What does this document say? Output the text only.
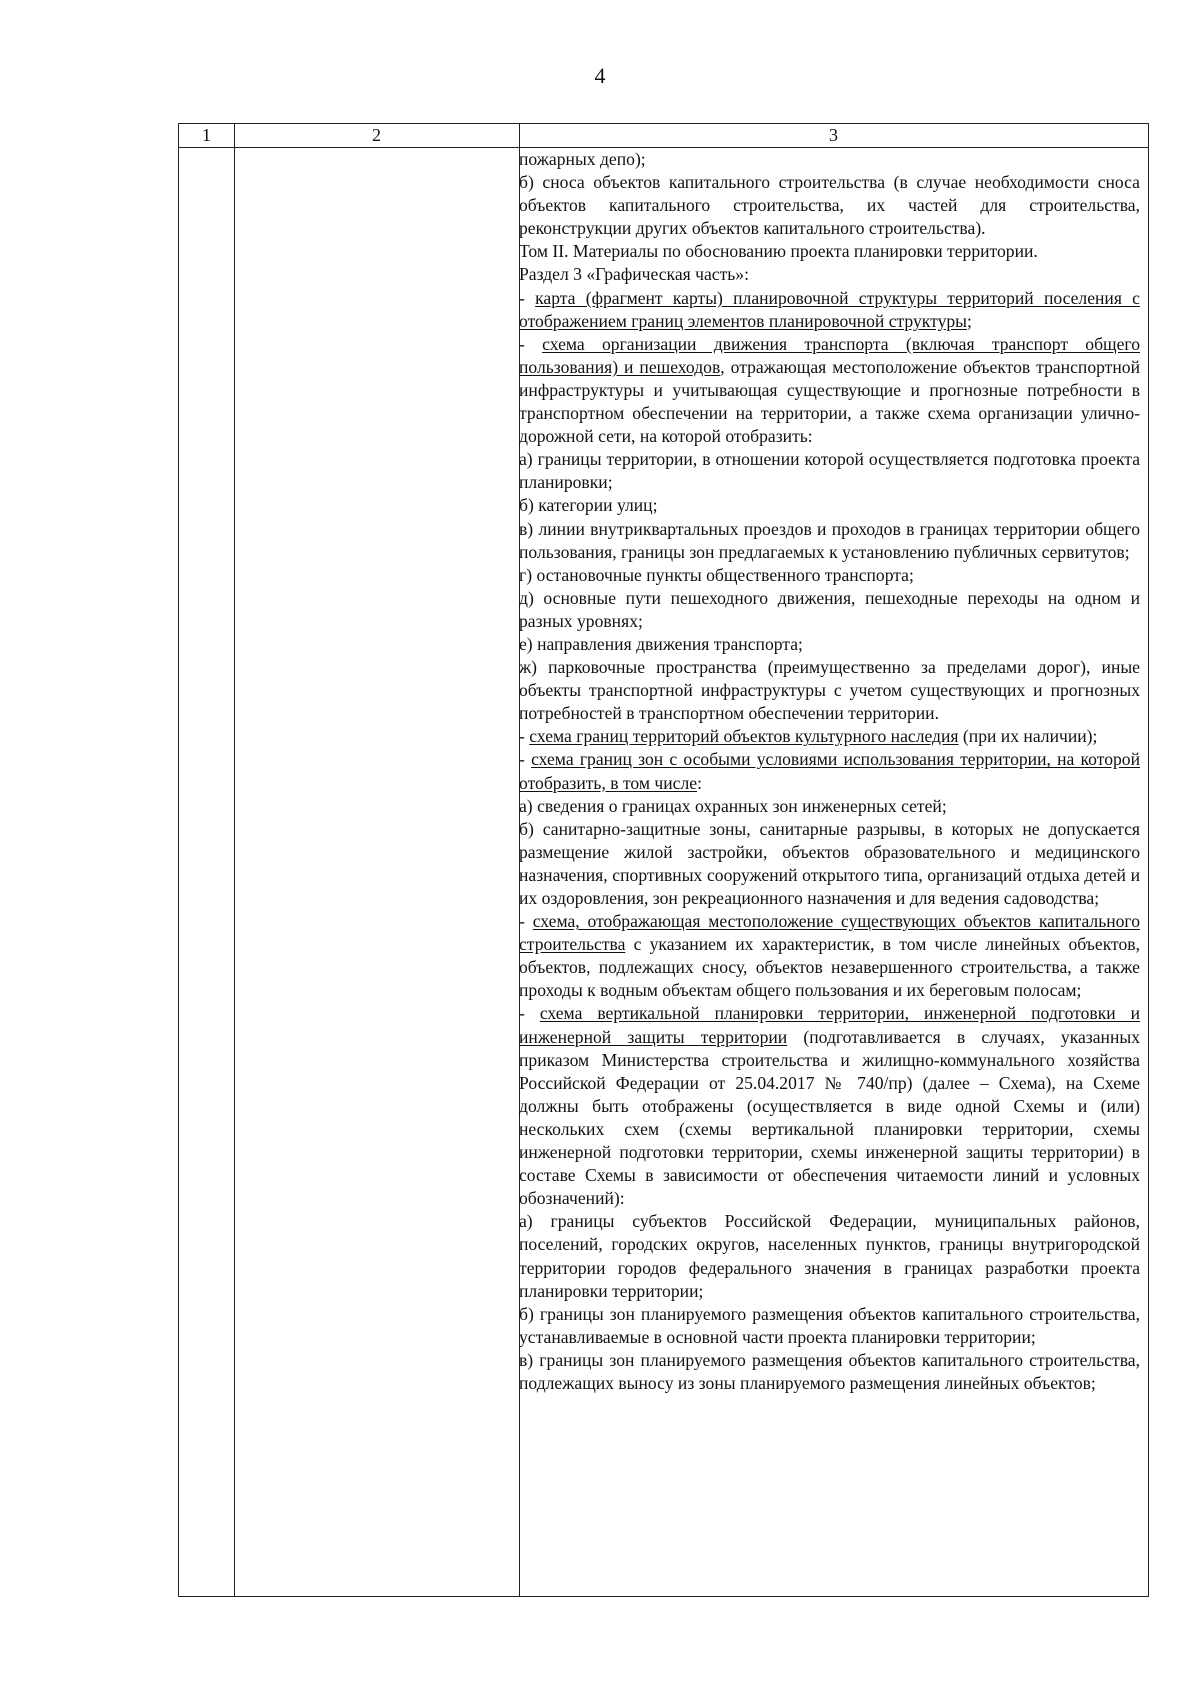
4
1	2	3

пожарных депо);

б) сноса объектов капитального строительства (в случае необходимости сноса объектов капитального строительства, их частей для строительства, реконструкции других объектов капитального строительства).

Том II. Материалы по обоснованию проекта планировки территории.

Раздел 3 «Графическая часть»:

- карта (фрагмент карты) планировочной структуры территорий поселения с отображением границ элементов планировочной структуры;

- схема организации движения транспорта (включая транспорт общего пользования) и пешеходов, отражающая местоположение объектов транспортной инфраструктуры и учитывающая существующие и прогнозные потребности в транспортном обеспечении на территории, а также схема организации улично-дорожной сети, на которой отобразить:

а) границы территории, в отношении которой осуществляется подготовка проекта планировки;

б) категории улиц;

в) линии внутриквартальных проездов и проходов в границах территории общего пользования, границы зон предлагаемых к установлению публичных сервитутов;

г) остановочные пункты общественного транспорта;

д) основные пути пешеходного движения, пешеходные переходы на одном и разных уровнях;

е) направления движения транспорта;

ж) парковочные пространства (преимущественно за пределами дорог), иные объекты транспортной инфраструктуры с учетом существующих и прогнозных потребностей в транспортном обеспечении территории.

- схема границ территорий объектов культурного наследия (при их наличии);

- схема границ зон с особыми условиями использования территории, на которой отобразить, в том числе:

а) сведения о границах охранных зон инженерных сетей;

б) санитарно-защитные зоны, санитарные разрывы, в которых не допускается размещение жилой застройки, объектов образовательного и медицинского назначения, спортивных сооружений открытого типа, организаций отдыха детей и их оздоровления, зон рекреационного назначения и для ведения садоводства;

- схема, отображающая местоположение существующих объектов капитального строительства с указанием их характеристик, в том числе линейных объектов, объектов, подлежащих сносу, объектов незавершенного строительства, а также проходы к водным объектам общего пользования и их береговым полосам;

- схема вертикальной планировки территории, инженерной подготовки и инженерной защиты территории (подготавливается в случаях, указанных приказом Министерства строительства и жилищно-коммунального хозяйства Российской Федерации от 25.04.2017 № 740/пр) (далее – Схема), на Схеме должны быть отображены (осуществляется в виде одной Схемы и (или) нескольких схем (схемы вертикальной планировки территории, схемы инженерной подготовки территории, схемы инженерной защиты территории) в составе Схемы в зависимости от обеспечения читаемости линий и условных обозначений):

а) границы субъектов Российской Федерации, муниципальных районов, поселений, городских округов, населенных пунктов, границы внутригородской территории городов федерального значения в границах разработки проекта планировки территории;

б) границы зон планируемого размещения объектов капитального строительства, устанавливаемые в основной части проекта планировки территории;

в) границы зон планируемого размещения объектов капитального строительства, подлежащих выносу из зоны планируемого размещения линейных объектов;
